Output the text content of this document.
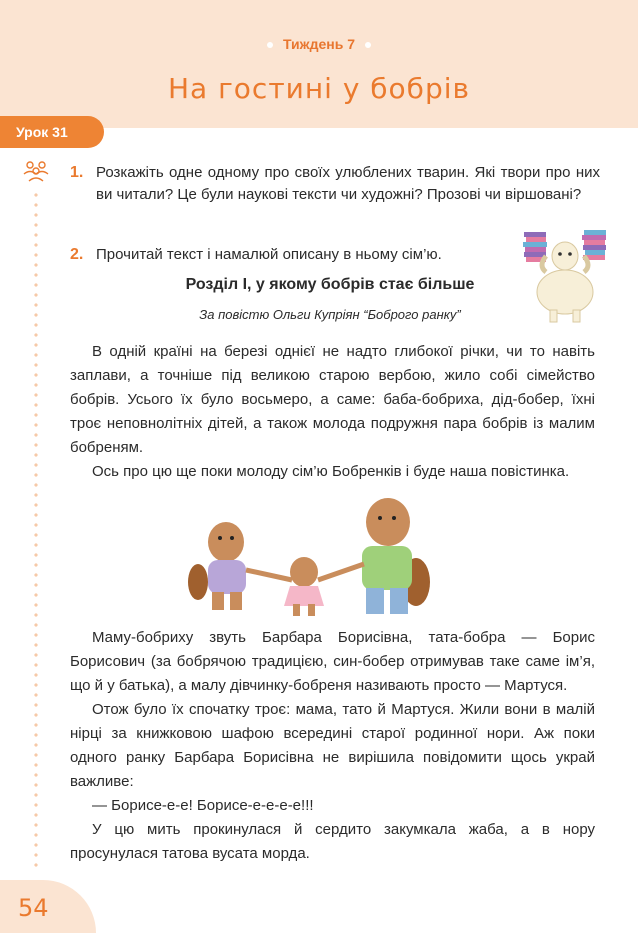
Тиждень 7
На гостині у бобрів
Урок 31
1. Розкажіть одне одному про своїх улюблених тварин. Які твори про них ви читали? Це були наукові тексти чи художні? Прозові чи віршовані?
2. Прочитай текст і намалюй описану в ньому сім’ю.
Розділ І, у якому бобрів стає більше
За повістю Ольги Купріян “Боброго ранку”

В одній країні на березі однієї не надто глибокої річки, чи то навіть заплави, а точніше під великою старою вербою, жило собі сімейство бобрів. Усього їх було восьмеро, а саме: баба-бобриха, дід-бобер, їхні троє неповнолітніх дітей, а також молода подружня пара бобрів із малим бобреням.

Ось про цю ще поки молоду сім’ю Бобренків і буде наша повістинка.

Маму-бобриху звуть Барбара Борисівна, тата-бобра — Борис Борисович (за бобрячою традицією, син-бобер отримував таке саме ім’я, що й у батька), а малу дівчинку-бобреня називають просто — Мартуся.

Отож було їх спочатку троє: мама, тато й Мартуся. Жили вони в малій нірці за книжковою шафою всередині старої родинної нори. Аж поки одного ранку Барбара Борисівна не вирішила повідомити щось украй важливе:

— Борисе-е-е! Борисе-е-е-е-е!!!

У цю мить прокинулася й сердито закумкала жаба, а в нору просунулася татова вусата морда.

54
